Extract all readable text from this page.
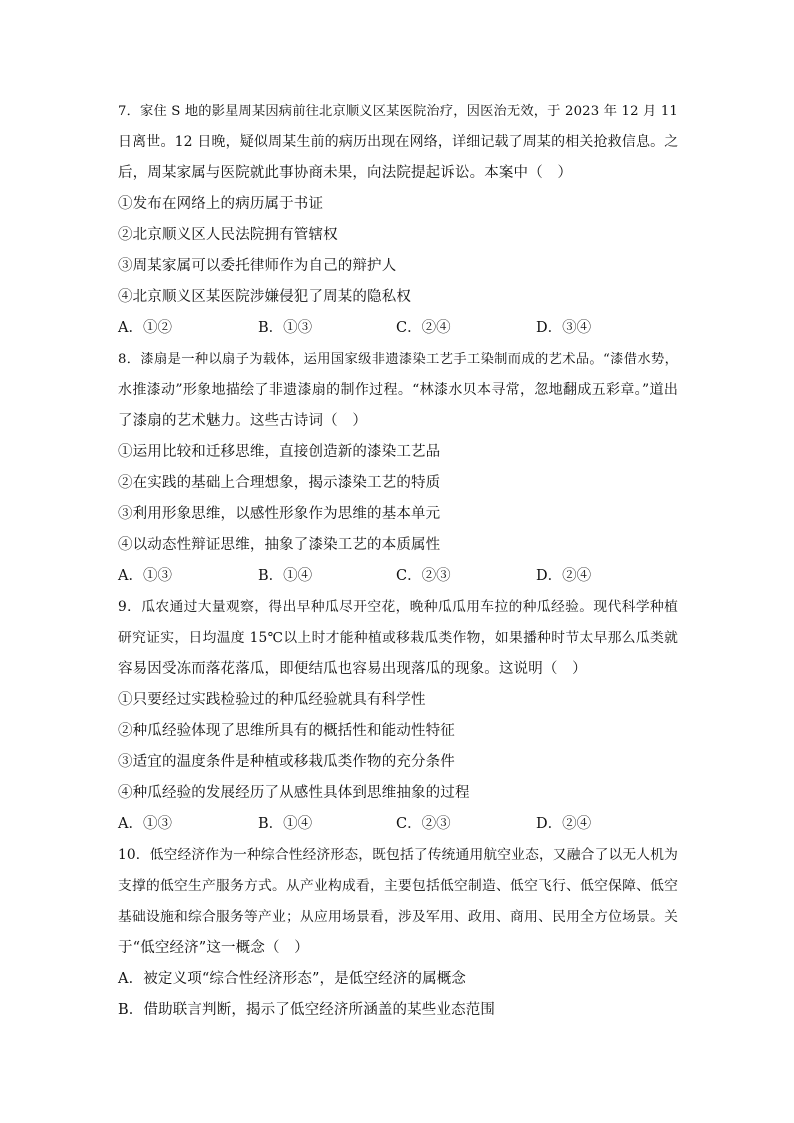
7．家住 S 地的影星周某因病前往北京顺义区某医院治疗，因医治无效，于 2023 年 12 月 11
日离世。12 日晚，疑似周某生前的病历出现在网络，详细记载了周某的相关抢救信息。之
后，周某家属与医院就此事协商未果，向法院提起诉讼。本案中（　）
①发布在网络上的病历属于书证
②北京顺义区人民法院拥有管辖权
③周某家属可以委托律师作为自己的辩护人
④北京顺义区某医院涉嫌侵犯了周某的隐私权
A．①②	B．①③	C．②④	D．③④
8．漆扇是一种以扇子为载体，运用国家级非遗漆染工艺手工染制而成的艺术品。“漆借水势，
水推漆动”形象地描绘了非遗漆扇的制作过程。“林漆水贝本寻常，忽地翻成五彩章。”道出
了漆扇的艺术魅力。这些古诗词（　）
①运用比较和迁移思维，直接创造新的漆染工艺品
②在实践的基础上合理想象，揭示漆染工艺的特质
③利用形象思维，以感性形象作为思维的基本单元
④以动态性辩证思维，抽象了漆染工艺的本质属性
A．①③	B．①④	C．②③	D．②④
9．瓜农通过大量观察，得出早种瓜尽开空花，晚种瓜瓜用车拉的种瓜经验。现代科学种植
研究证实，日均温度 15℃以上时才能种植或移栽瓜类作物，如果播种时节太早那么瓜类就
容易因受冻而落花落瓜，即便结瓜也容易出现落瓜的现象。这说明（　）
①只要经过实践检验过的种瓜经验就具有科学性
②种瓜经验体现了思维所具有的概括性和能动性特征
③适宜的温度条件是种植或移栽瓜类作物的充分条件
④种瓜经验的发展经历了从感性具体到思维抽象的过程
A．①③	B．①④	C．②③	D．②④
10．低空经济作为一种综合性经济形态，既包括了传统通用航空业态，又融合了以无人机为
支撑的低空生产服务方式。从产业构成看，主要包括低空制造、低空飞行、低空保障、低空
基础设施和综合服务等产业；从应用场景看，涉及军用、政用、商用、民用全方位场景。关
于“低空经济”这一概念（　）
A．被定义项“综合性经济形态”，是低空经济的属概念
B．借助联言判断，揭示了低空经济所涵盖的某些业态范围
